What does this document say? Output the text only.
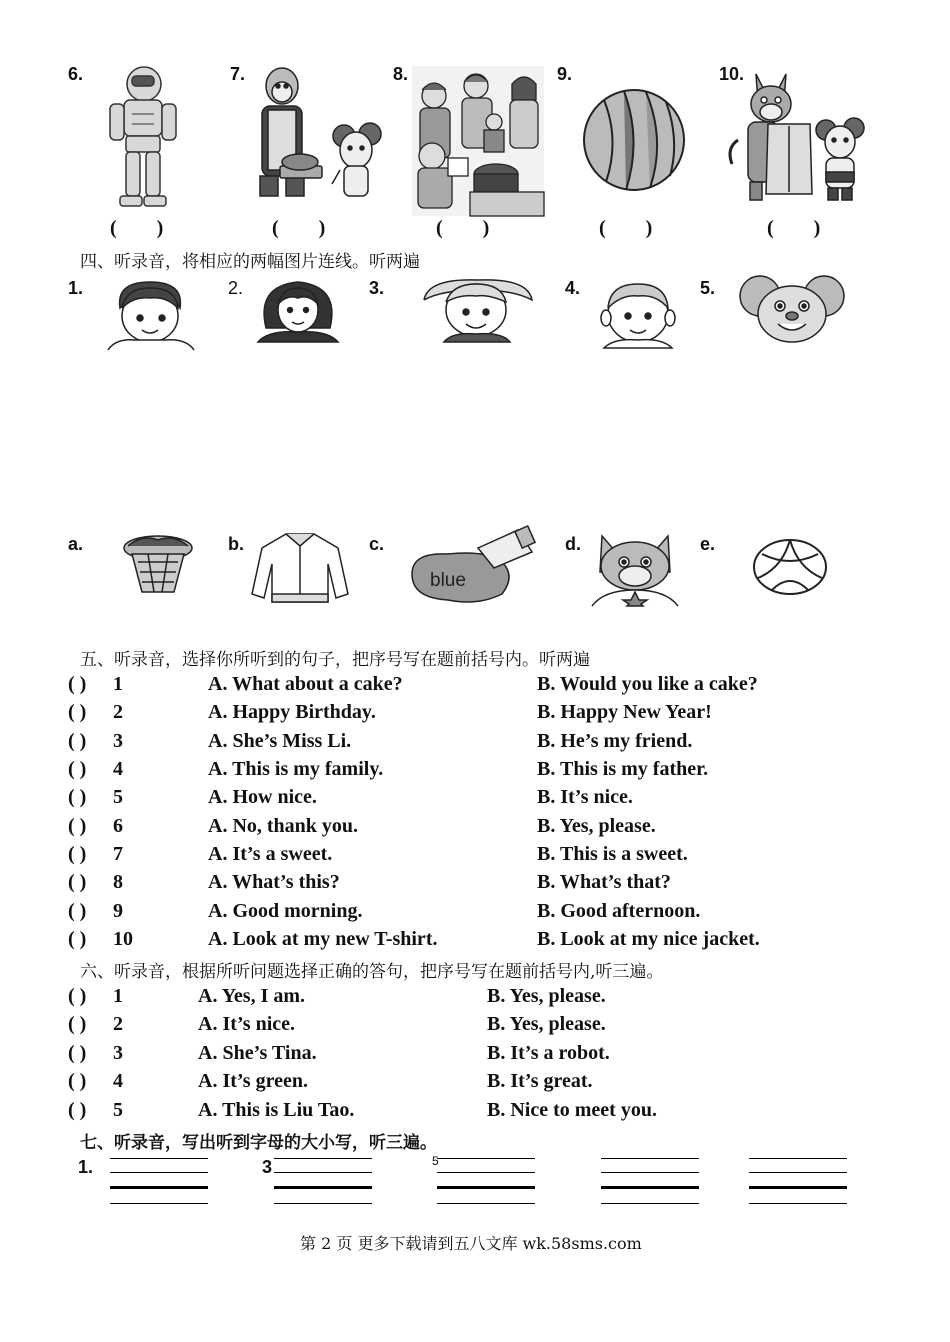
6.	7.	8.	9.	10.
(        )	(        )	(        )	(        )	(        )
四、听录音，将相应的两幅图片连线。听两遍
1.	2.	3.	4.	5.
a.	b.	c.	d.	e.
blue
五、听录音，选择你所听到的句子，把序号写在题前括号内。听两遍
( ) 1	A. What about a cake?	B. Would you like a cake?
( ) 2	A. Happy Birthday.	B. Happy New Year!
( ) 3	A. She’s Miss Li.	B. He’s my friend.
( ) 4	A. This is my family.	B. This is my father.
( ) 5	A. How nice.	B. It’s nice.
( ) 6	A. No, thank you.	B. Yes, please.
( ) 7	A. It’s a sweet.	B. This is a sweet.
( ) 8	A. What’s this?	B. What’s that?
( ) 9	A. Good morning.	B. Good afternoon.
( ) 10	A. Look at my new T-shirt.	B. Look at my nice jacket.
六、听录音，根据所听问题选择正确的答句，把序号写在题前括号内,听三遍。
( ) 1	A. Yes, I am.	B. Yes, please.
( ) 2	A. It’s nice.	B. Yes, please.
( ) 3	A. She’s Tina.	B. It’s a robot.
( ) 4	A. It’s green.	B. It’s great.
( ) 5	A. This is Liu Tao.	B. Nice to meet you.
七、听录音，写出听到字母的大小写，听三遍。
1.	3	5
第 2 页 更多下载请到五八文库 wk.58sms.com
